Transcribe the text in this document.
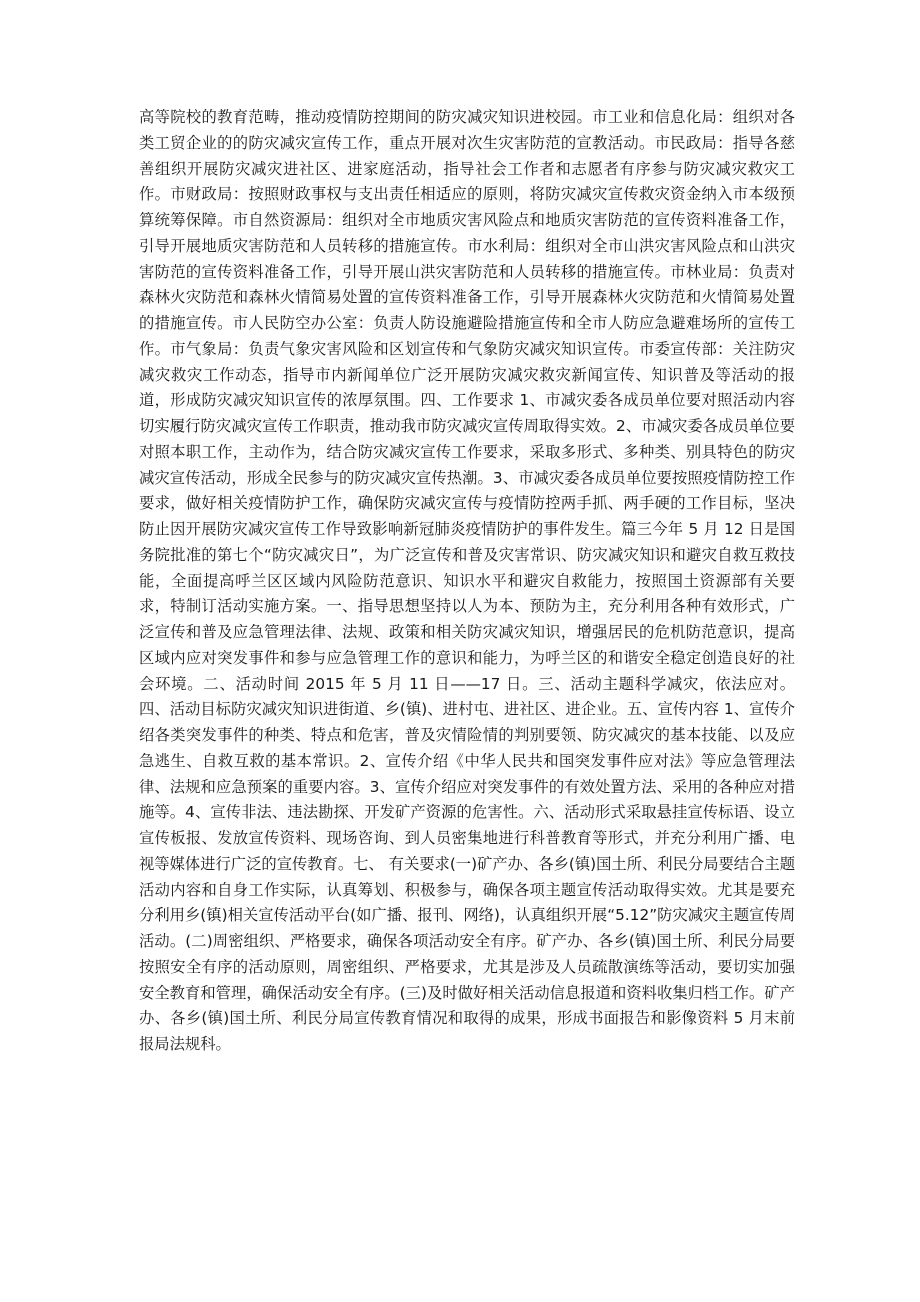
高等院校的教育范畴，推动疫情防控期间的防灾减灾知识进校园。市工业和信息化局：组织对各类工贸企业的的防灾减灾宣传工作，重点开展对次生灾害防范的宣教活动。市民政局：指导各慈善组织开展防灾减灾进社区、进家庭活动，指导社会工作者和志愿者有序参与防灾减灾救灾工作。市财政局：按照财政事权与支出责任相适应的原则，将防灾减灾宣传救灾资金纳入市本级预算统筹保障。市自然资源局：组织对全市地质灾害风险点和地质灾害防范的宣传资料准备工作，引导开展地质灾害防范和人员转移的措施宣传。市水利局：组织对全市山洪灾害风险点和山洪灾害防范的宣传资料准备工作，引导开展山洪灾害防范和人员转移的措施宣传。市林业局：负责对森林火灾防范和森林火情简易处置的宣传资料准备工作，引导开展森林火灾防范和火情简易处置的措施宣传。市人民防空办公室：负责人防设施避险措施宣传和全市人防应急避难场所的宣传工作。市气象局：负责气象灾害风险和区划宣传和气象防灾减灾知识宣传。市委宣传部：关注防灾减灾救灾工作动态，指导市内新闻单位广泛开展防灾减灾救灾新闻宣传、知识普及等活动的报道，形成防灾减灾知识宣传的浓厚氛围。四、工作要求 1、市减灾委各成员单位要对照活动内容切实履行防灾减灾宣传工作职责，推动我市防灾减灾宣传周取得实效。2、市减灾委各成员单位要对照本职工作，主动作为，结合防灾减灾宣传工作要求，采取多形式、多种类、别具特色的防灾减灾宣传活动，形成全民参与的防灾减灾宣传热潮。3、市减灾委各成员单位要按照疫情防控工作要求，做好相关疫情防护工作，确保防灾减灾宣传与疫情防控两手抓、两手硬的工作目标，坚决防止因开展防灾减灾宣传工作导致影响新冠肺炎疫情防护的事件发生。篇三今年 5 月 12 日是国务院批准的第七个“防灾减灾日”，为广泛宣传和普及灾害常识、防灾减灾知识和避灾自救互救技能，全面提高呼兰区区域内风险防范意识、知识水平和避灾自救能力，按照国土资源部有关要求，特制订活动实施方案。一、指导思想坚持以人为本、预防为主，充分利用各种有效形式，广泛宣传和普及应急管理法律、法规、政策和相关防灾减灾知识，增强居民的危机防范意识，提高区域内应对突发事件和参与应急管理工作的意识和能力，为呼兰区的和谐安全稳定创造良好的社会环境。二、活动时间 2015 年 5 月 11 日——17 日。三、活动主题科学减灾，依法应对。四、活动目标防灾减灾知识进街道、乡(镇)、进村屯、进社区、进企业。五、宣传内容 1、宣传介绍各类突发事件的种类、特点和危害，普及灾情险情的判别要领、防灾减灾的基本技能、以及应急逃生、自救互救的基本常识。2、宣传介绍《中华人民共和国突发事件应对法》等应急管理法律、法规和应急预案的重要内容。3、宣传介绍应对突发事件的有效处置方法、采用的各种应对措施等。4、宣传非法、违法勘探、开发矿产资源的危害性。六、活动形式采取悬挂宣传标语、设立宣传板报、发放宣传资料、现场咨询、到人员密集地进行科普教育等形式，并充分利用广播、电视等媒体进行广泛的宣传教育。七、 有关要求(一)矿产办、各乡(镇)国土所、利民分局要结合主题活动内容和自身工作实际，认真筹划、积极参与，确保各项主题宣传活动取得实效。尤其是要充分利用乡(镇)相关宣传活动平台(如广播、报刊、网络)，认真组织开展“5.12”防灾减灾主题宣传周活动。(二)周密组织、严格要求，确保各项活动安全有序。矿产办、各乡(镇)国土所、利民分局要按照安全有序的活动原则，周密组织、严格要求，尤其是涉及人员疏散演练等活动，要切实加强安全教育和管理，确保活动安全有序。(三)及时做好相关活动信息报道和资料收集归档工作。矿产办、各乡(镇)国土所、利民分局宣传教育情况和取得的成果，形成书面报告和影像资料 5 月末前报局法规科。
